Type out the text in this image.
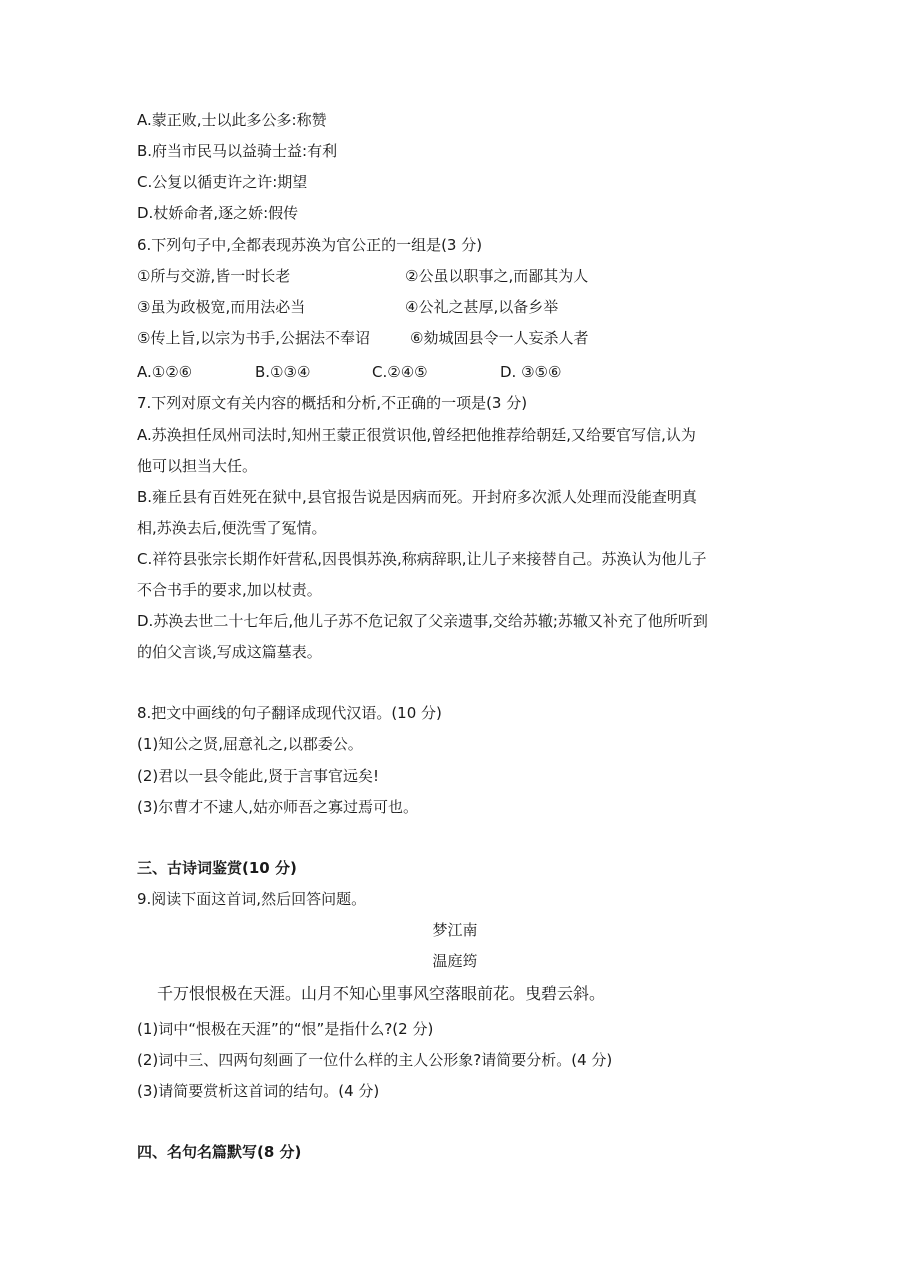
A.蒙正败,士以此多公多:称赞
B.府当市民马以益骑士益:有利
C.公复以循吏许之许:期望
D.杖娇命者,逐之娇:假传
6.下列句子中,全都表现苏涣为官公正的一组是(3 分)
①所与交游,皆一时长老	②公虽以职事之,而鄙其为人
③虽为政极宽,而用法必当	④公礼之甚厚,以备乡举
⑤传上旨,以宗为书手,公据法不奉诏	⑥劾城固县令一人妄杀人者
A.①②⑥	B.①③④	C.②④⑤	D. ③⑤⑥
7.下列对原文有关内容的概括和分析,不正确的一项是(3 分)
A.苏涣担任凤州司法时,知州王蒙正很赏识他,曾经把他推荐给朝廷,又给要官写信,认为
他可以担当大任。
B.雍丘县有百姓死在狱中,县官报告说是因病而死。开封府多次派人处理而没能查明真
相,苏涣去后,便洗雪了冤情。
C.祥符县张宗长期作奸营私,因畏惧苏涣,称病辞职,让儿子来接替自己。苏涣认为他儿子
不合书手的要求,加以杖责。
D.苏涣去世二十七年后,他儿子苏不危记叙了父亲遗事,交给苏辙;苏辙又补充了他所听到
的伯父言谈,写成这篇墓表。
8.把文中画线的句子翻译成现代汉语。(10 分)
(1)知公之贤,屈意礼之,以郡委公。
(2)君以一县令能此,贤于言事官远矣!
(3)尔曹才不逮人,姑亦师吾之寡过焉可也。
三、古诗词鉴赏(10 分)
9.阅读下面这首词,然后回答问题。
梦江南
温庭筠
千万恨恨极在天涯。山月不知心里事风空落眼前花。曳碧云斜。
(1)词中“恨极在天涯”的“恨”是指什么?(2 分)
(2)词中三、四两句刻画了一位什么样的主人公形象?请简要分析。(4 分)
(3)请简要赏析这首词的结句。(4 分)
四、名句名篇默写(8 分)
